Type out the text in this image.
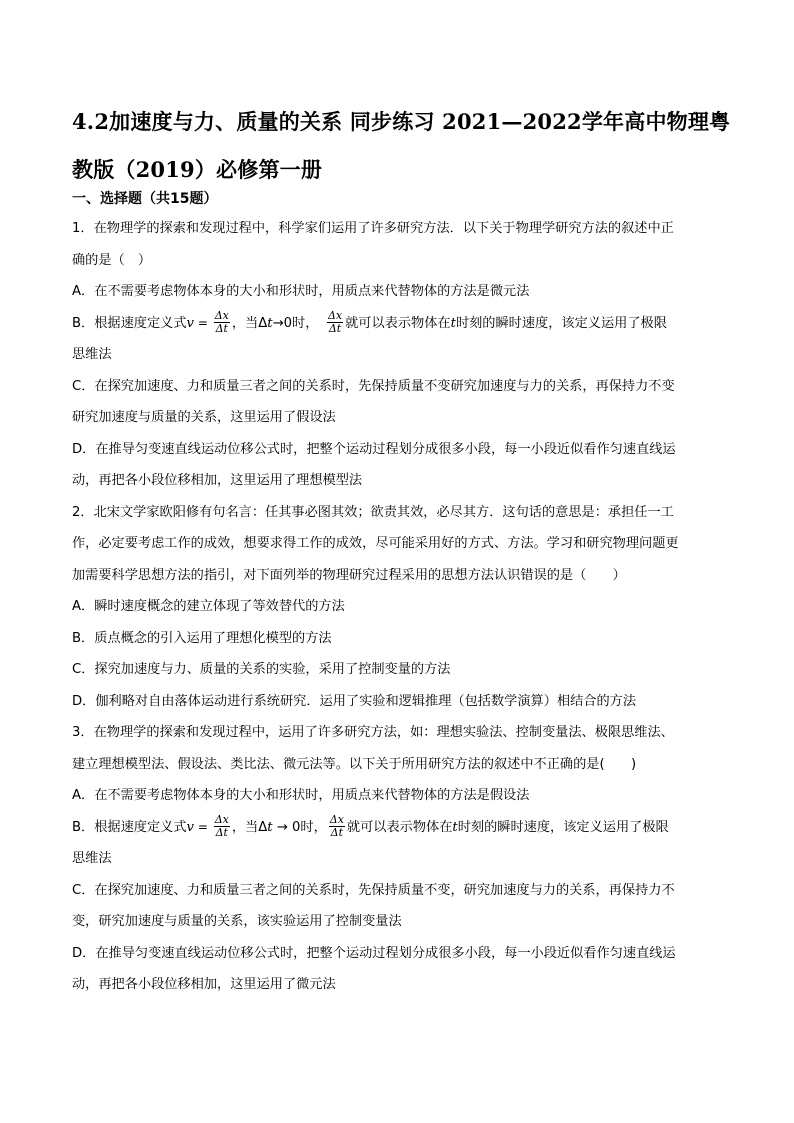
4.2加速度与力、质量的关系 同步练习 2021—2022学年高中物理粤教版（2019）必修第一册
一、选择题（共15题）
1．在物理学的探索和发现过程中，科学家们运用了许多研究方法．以下关于物理学研究方法的叙述中正
确的是（　）
A．在不需要考虑物体本身的大小和形状时，用质点来代替物体的方法是微元法
B．根据速度定义式$v = \frac{\Delta x}{\Delta t}$ ，当Δt→0时，　 $\frac{\Delta x}{\Delta t}$ 就可以表示物体在t时刻的瞬时速度，该定义运用了极限
思维法
C．在探究加速度、力和质量三者之间的关系时，先保持质量不变研究加速度与力的关系，再保持力不变
研究加速度与质量的关系，这里运用了假设法
D．在推导匀变速直线运动位移公式时，把整个运动过程划分成很多小段，每一小段近似看作匀速直线运
动，再把各小段位移相加，这里运用了理想模型法
2．北宋文学家欧阳修有句名言：任其事必图其效；欲责其效，必尽其方．这句话的意思是：承担任一工
作，必定要考虑工作的成效，想要求得工作的成效，尽可能采用好的方式、方法。学习和研究物理问题更
加需要科学思想方法的指引，对下面列举的物理研究过程采用的思想方法认识错误的是（　　）
A．瞬时速度概念的建立体现了等效替代的方法
B．质点概念的引入运用了理想化模型的方法
C．探究加速度与力、质量的关系的实验，采用了控制变量的方法
D．伽利略对自由落体运动进行系统研究．运用了实验和逻辑推理（包括数学演算）相结合的方法
3．在物理学的探索和发现过程中，运用了许多研究方法，如：理想实验法、控制变量法、极限思维法、
建立理想模型法、假设法、类比法、微元法等。以下关于所用研究方法的叙述中不正确的是(　　)
A．在不需要考虑物体本身的大小和形状时，用质点来代替物体的方法是假设法
B．根据速度定义式$v = \frac{\Delta x}{\Delta t}$ ，当Δt → 0时， $\frac{\Delta x}{\Delta t}$ 就可以表示物体在t时刻的瞬时速度，该定义运用了极限
思维法
C．在探究加速度、力和质量三者之间的关系时，先保持质量不变，研究加速度与力的关系，再保持力不
变，研究加速度与质量的关系，该实验运用了控制变量法
D．在推导匀变速直线运动位移公式时，把整个运动过程划分成很多小段，每一小段近似看作匀速直线运
动，再把各小段位移相加，这里运用了微元法
